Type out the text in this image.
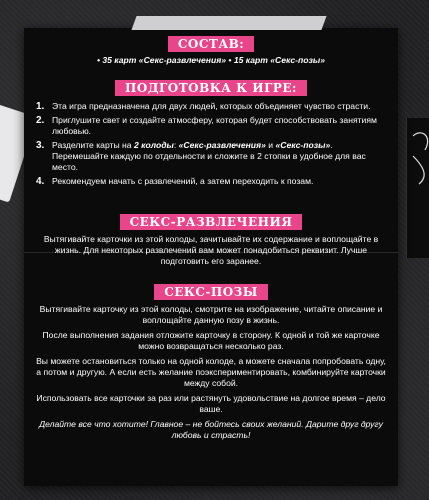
СОСТАВ:

• 35 карт «Секс-развлечения» • 15 карт «Секс-позы»

ПОДГОТОВКА К ИГРЕ:
1. Эта игра предназначена для двух людей, которых объединяет чувство страсти.
2. Приглушите свет и создайте атмосферу, которая будет способствовать занятиям любовью.
3. Разделите карты на 2 колоды: «Секс-развлечения» и «Секс-позы». Перемешайте каждую по отдельности и сложите в 2 стопки в удобное для вас место.
4. Рекомендуем начать с развлечений, а затем переходить к позам.
СЕКС-РАЗВЛЕЧЕНИЯ

Вытягивайте карточки из этой колоды, зачитывайте их содержание и воплощайте в жизнь. Для некоторых развлечений вам может понадобиться реквизит. Лучше подготовить его заранее.

СЕКС-ПОЗЫ

Вытягивайте карточку из этой колоды, смотрите на изображение, читайте описание и воплощайте данную позу в жизнь.

После выполнения задания отложите карточку в сторону. К одной и той же карточке можно возвращаться несколько раз.

Вы можете остановиться только на одной колоде, а можете сначала попробовать одну, а потом и другую. А если есть желание поэкспериментировать, комбинируйте карточки между собой.

Использовать все карточки за раз или растянуть удовольствие на долгое время – дело ваше.

Делайте все что хотите! Главное – не бойтесь своих желаний. Дарите друг другу любовь и страсть!
